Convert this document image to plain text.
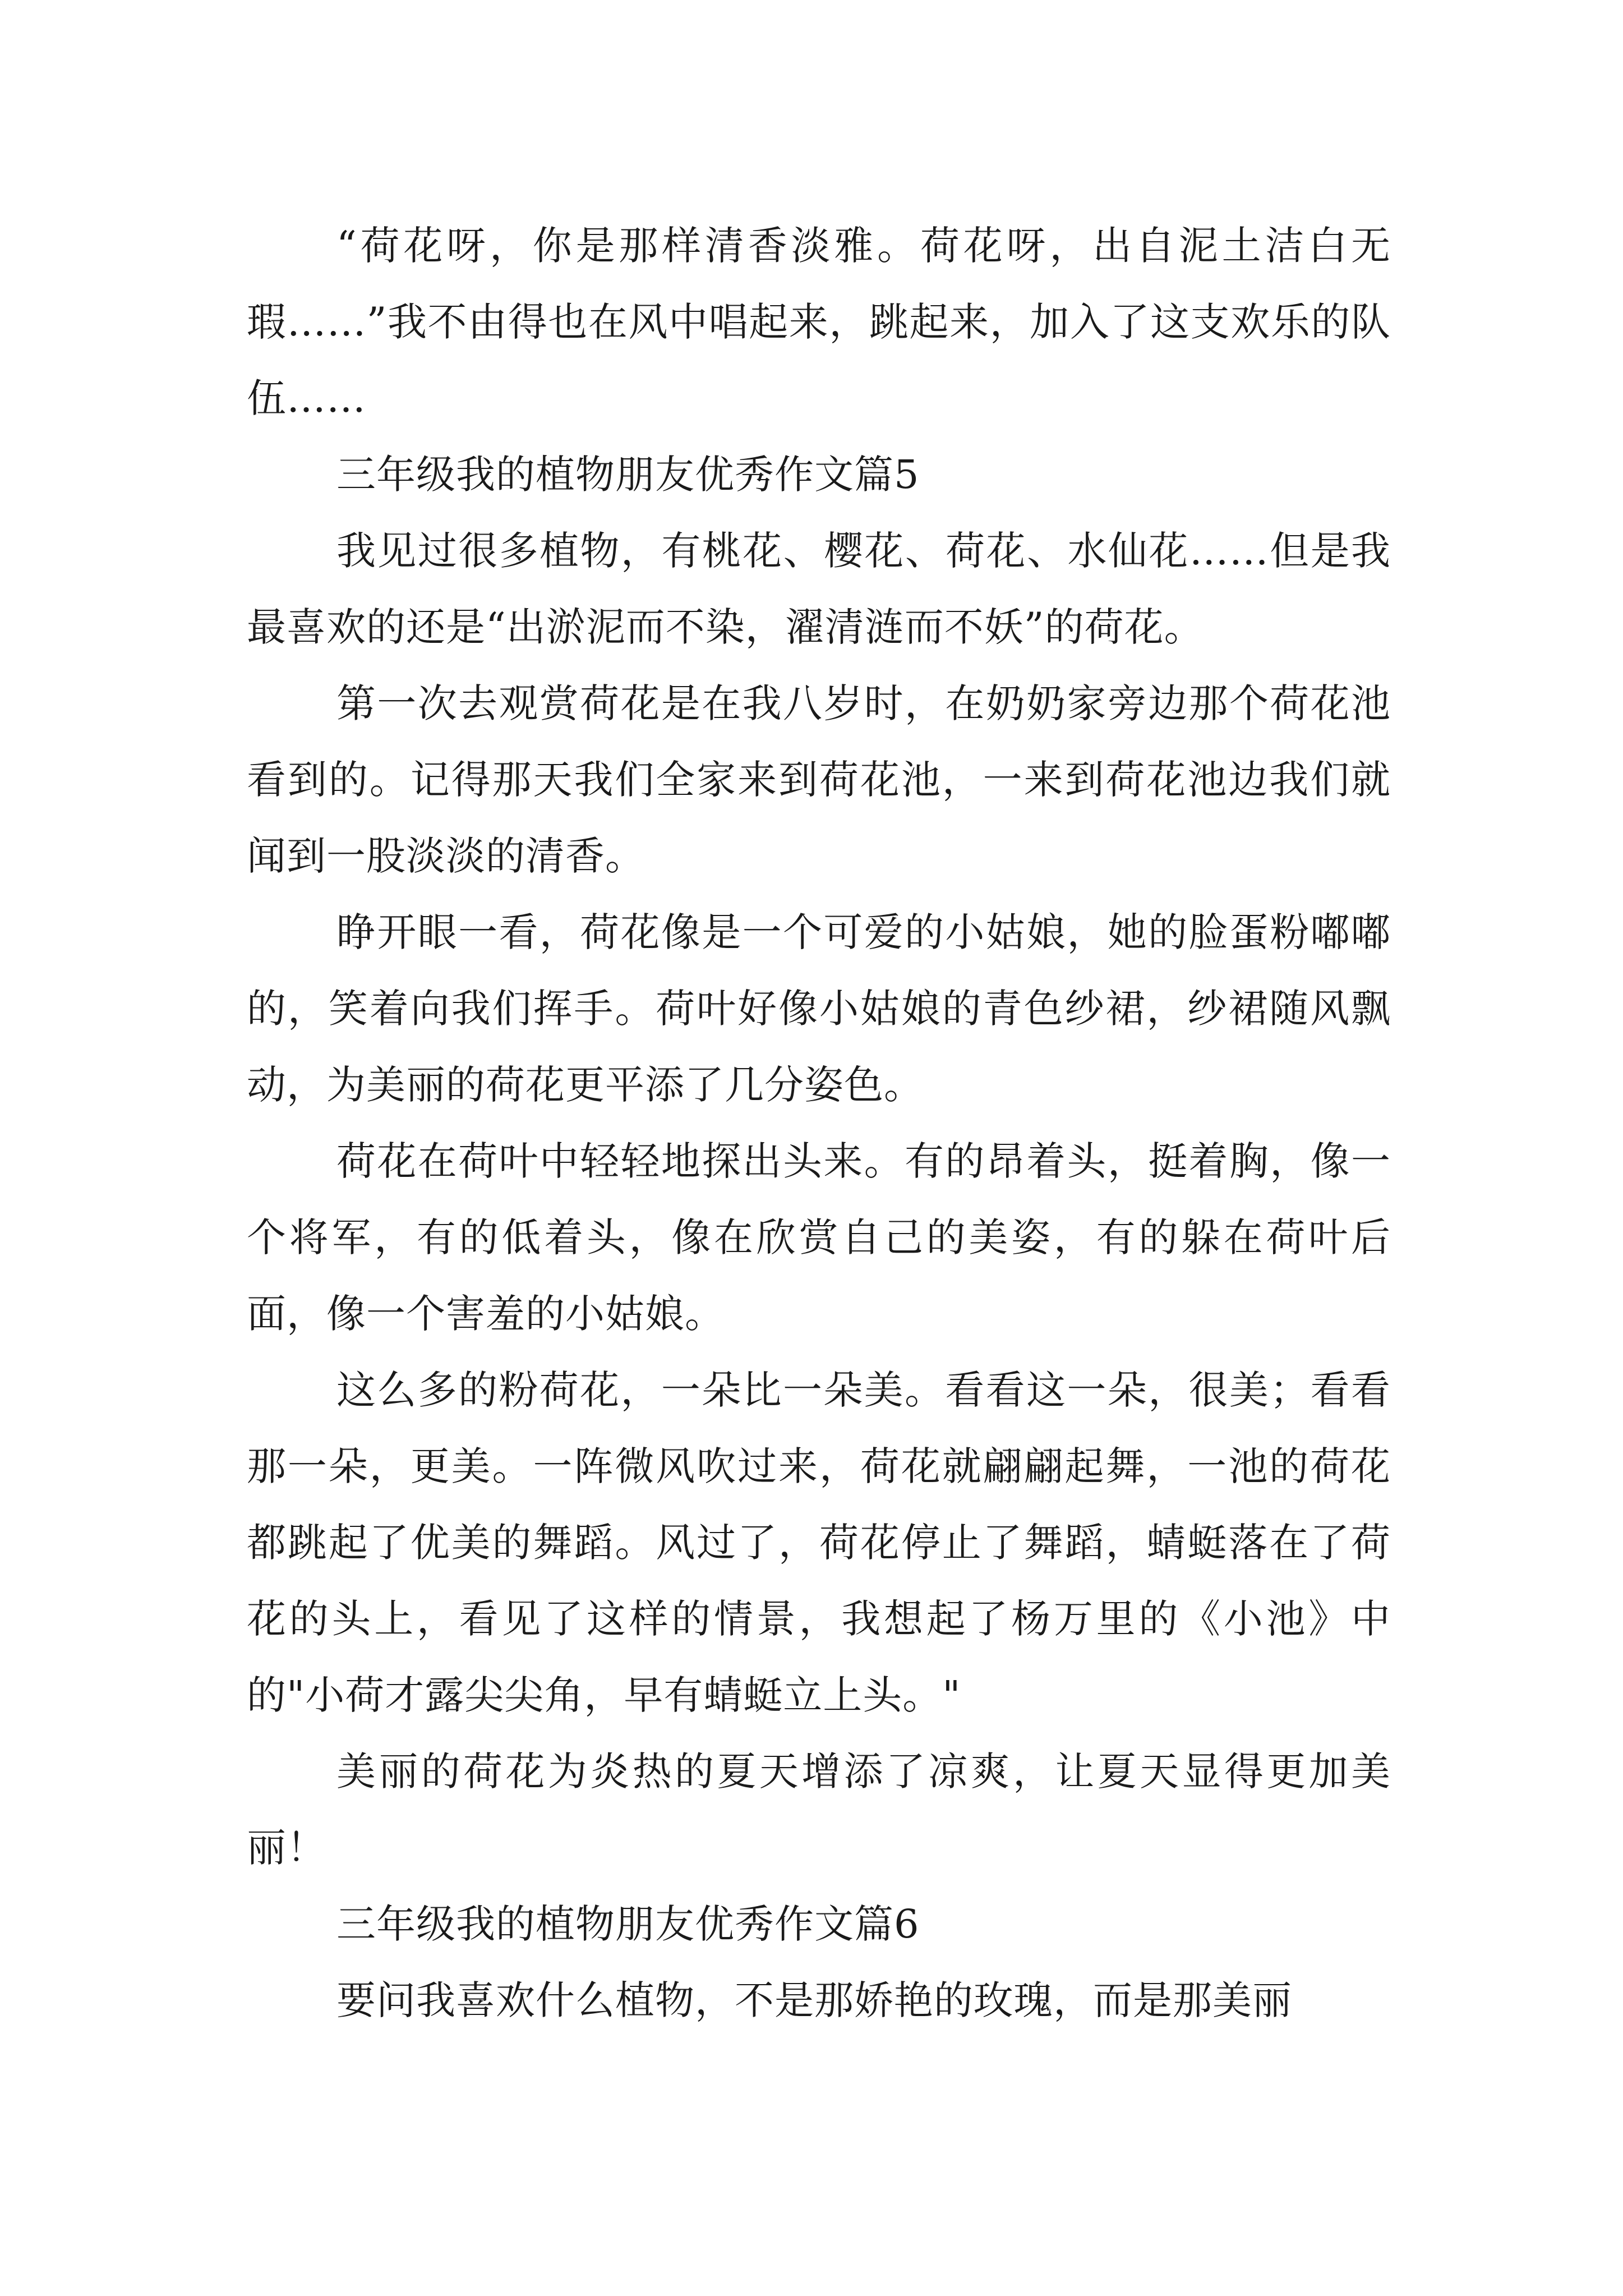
“荷花呀，你是那样清香淡雅。荷花呀，出自泥土洁白无瑕……”我不由得也在风中唱起来，跳起来，加入了这支欢乐的队伍……

三年级我的植物朋友优秀作文篇5

我见过很多植物，有桃花、樱花、荷花、水仙花……但是我最喜欢的还是“出淤泥而不染，濯清涟而不妖”的荷花。

第一次去观赏荷花是在我八岁时，在奶奶家旁边那个荷花池看到的。记得那天我们全家来到荷花池，一来到荷花池边我们就闻到一股淡淡的清香。

睁开眼一看，荷花像是一个可爱的小姑娘，她的脸蛋粉嘟嘟的，笑着向我们挥手。荷叶好像小姑娘的青色纱裙，纱裙随风飘动，为美丽的荷花更平添了几分姿色。

荷花在荷叶中轻轻地探出头来。有的昂着头，挺着胸，像一个将军，有的低着头，像在欣赏自己的美姿，有的躲在荷叶后面，像一个害羞的小姑娘。

这么多的粉荷花，一朵比一朵美。看看这一朵，很美；看看那一朵，更美。一阵微风吹过来，荷花就翩翩起舞，一池的荷花都跳起了优美的舞蹈。风过了，荷花停止了舞蹈，蜻蜓落在了荷花的头上，看见了这样的情景，我想起了杨万里的《小池》中的"小荷才露尖尖角，早有蜻蜓立上头。"

美丽的荷花为炎热的夏天增添了凉爽，让夏天显得更加美丽！

三年级我的植物朋友优秀作文篇6

要问我喜欢什么植物，不是那娇艳的玫瑰，而是那美丽
